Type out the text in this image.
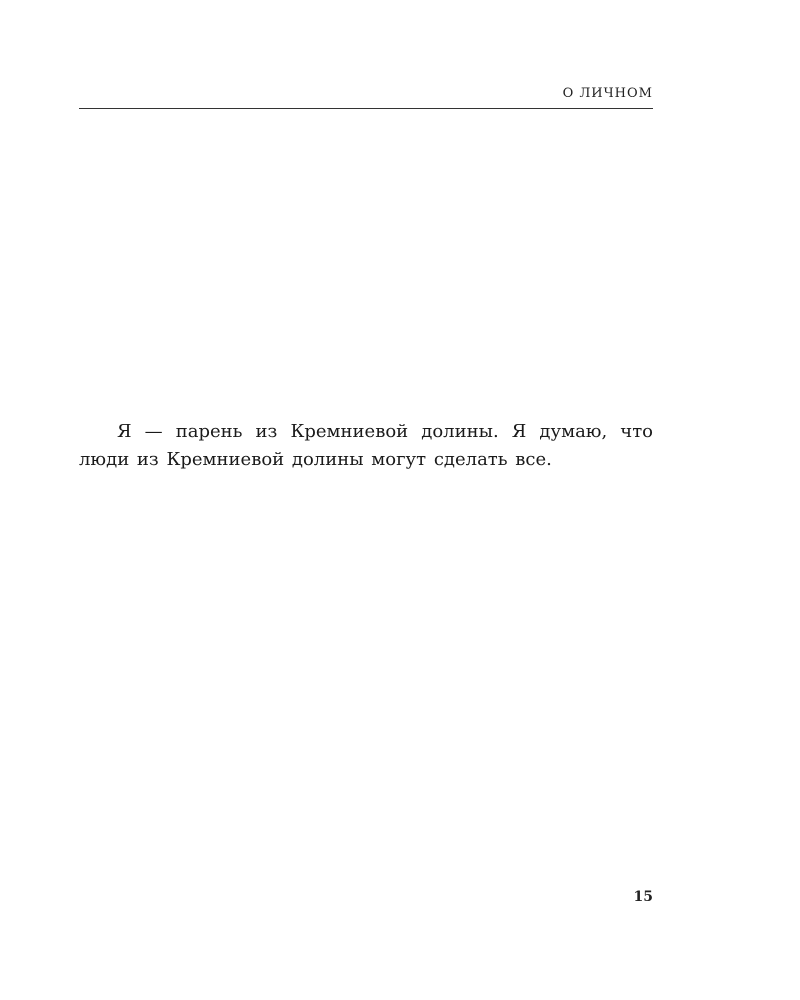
О ЛИЧНОМ

Я — парень из Кремниевой долины. Я думаю, что люди из Кремниевой долины могут сделать все.

15
